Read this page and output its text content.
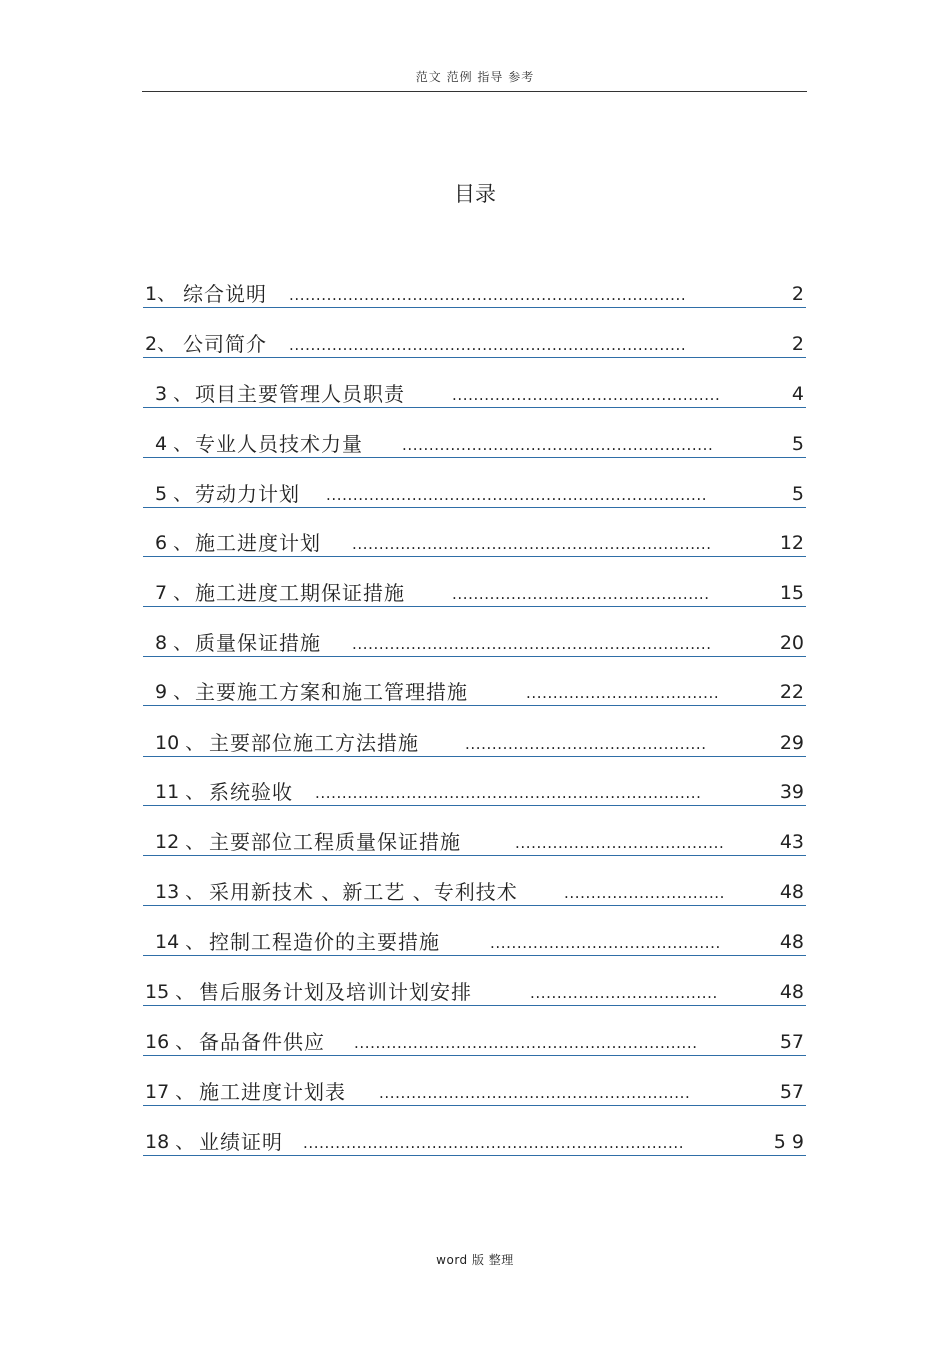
范文 范例 指导 参考
目录
1、 综合说明 ..........................................................................	2
2、 公司简介 ..........................................................................	2
3 、 项目主要管理人员职责	..................................................	4
4 、 专业人员技术力量	..........................................................	5
5 、 劳动力计划 .......................................................................	5
6 、 施工进度计划 ...................................................................	12
7 、 施工进度工期保证措施	................................................	15
8 、 质量保证措施 ...................................................................	20
9 、 主要施工方案和施工管理措施	....................................	22
10 、 主要部位施工方法措施	.............................................	29
11 、 系统验收 ........................................................................	39
12 、 主要部位工程质量保证措施	.......................................	43
13 、 采用新技术 、新工艺 、专利技术	..............................	48
14 、 控制工程造价的主要措施	...........................................	48
15 、 售后服务计划及培训计划安排	...................................	48
16 、 备品备件供应 ................................................................	57
17 、 施工进度计划表 ..........................................................	57
18 、 业绩证明 .......................................................................	5 9
word 版 整理
